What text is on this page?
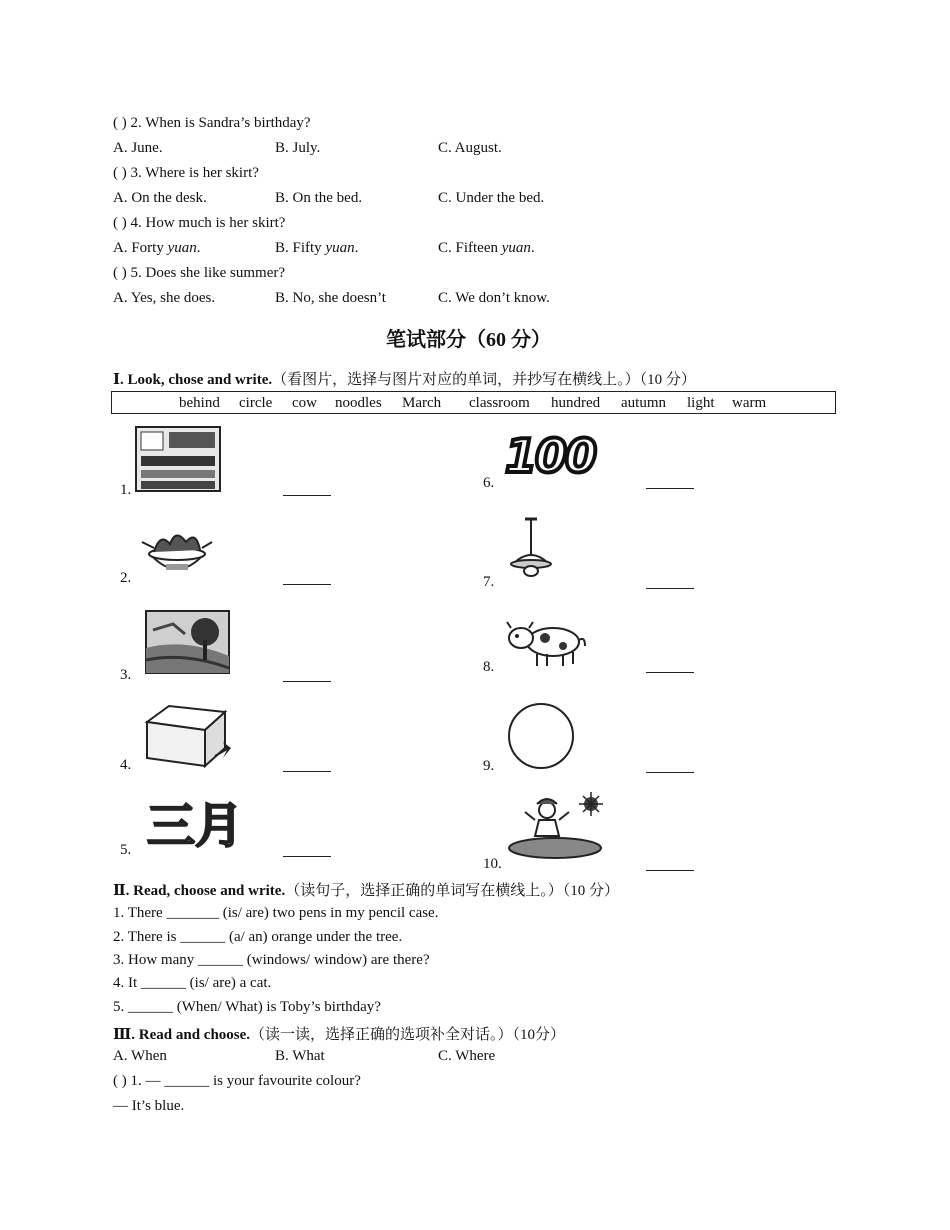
( ) 2. When is Sandra’s birthday?
A. June.	B. July.	C. August.
( ) 3. Where is her skirt?
A. On the desk.	B. On the bed.	C. Under the bed.
( ) 4. How much is her skirt?
A. Forty yuan.	B. Fifty yuan.	C. Fifteen yuan.
( ) 5. Does she like summer?
A. Yes, she does.	B. No, she doesn’t	C. We don’t know.
笔试部分（60 分）
Ⅰ. Look, chose and write.（看图片，选择与图片对应的单词，并抄写在横线上。）（10 分）
behind circle cow noodles March classroom hundred autumn light warm
1.
2.
3.
4.
5. 三月
6. 100
7.
8.
9.
10.
Ⅱ. Read, choose and write.（读句子，选择正确的单词写在横线上。）（10 分）
1. There _______ (is/ are) two pens in my pencil case.
2. There is ______ (a/ an) orange under the tree.
3. How many ______ (windows/ window) are there?
4. It ______ (is/ are) a cat.
5. ______ (When/ What) is Toby’s birthday?
Ⅲ. Read and choose.（读一读，选择正确的选项补全对话。）（10分）
A. When	B. What	C. Where
( ) 1. — ______ is your favourite colour?
— It’s blue.
